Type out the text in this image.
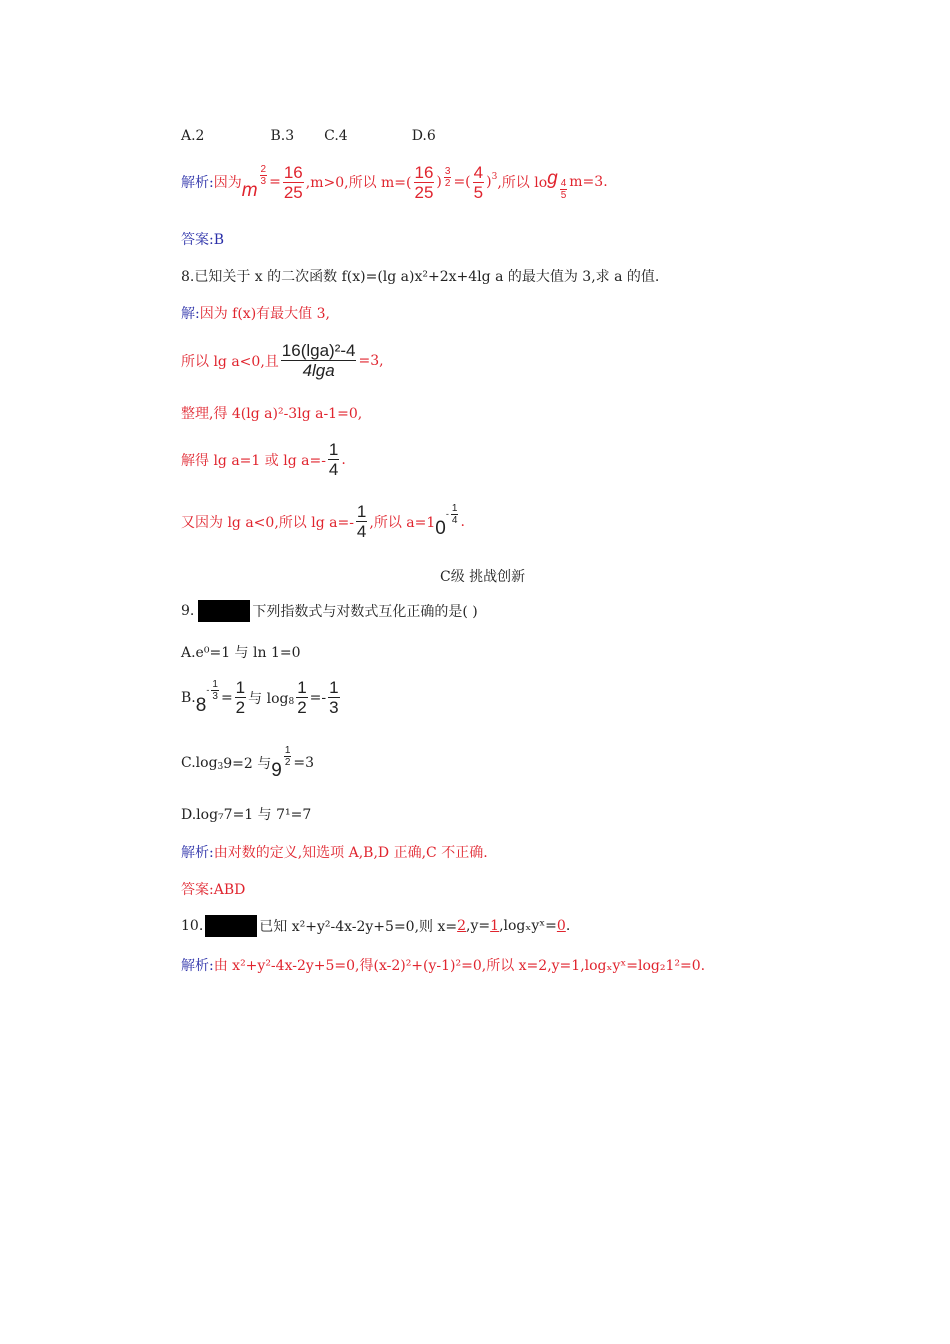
A.2	B.3 C.4	D.6
解析: 因为 m
$\frac{2}{3} = \frac{16}{25} ,m>0$,所以 $m=( \frac{16}{25}$ ) $\frac{3}{2}$ =( $\frac{4}{5} )^3$ ,所以 lo g $\frac{4}{5} m=3$.
答案:B
8.已知关于 x 的二次函数 f(x)=(lg a)x²+2x+4lg a 的最大值为 3,求 a 的值.
解: 因为 f(x)有最大值 3,
所以 lg a<0,且 $\frac{\text{16(lga)²-4}}{4\lg a} =3$,
整理,得 4(lg a)²-3lg a-1=0,
解得 lg a=1 或 $\lg a=- \frac{1}{4}$ .
又因为 lg a<0,所以 $\lg a=- \frac{1}{4}$ ,所以 a=1 0
- $\frac{1}{4}$ .
C级 挑战创新
9.	下列指数式与对数式互化正确的是( )
A.e⁰=1 与 ln 1=0
B. 8
- $\frac{1}{3} = \frac{1}{2}$ 与 $\log_8 \frac{1}{2} =- \frac{1}{3}$
$C.\log_3$ 9=2 与 9
$\frac{1}{2} =3$
D.log₇7=1 与 7¹=7
解析: 由对数的定义,知选项 A,B,D 正确,C 不正确.
答案:ABD
10.	已知 x²+y²-4x-2y+5=0,则 x= 2 ,y= 1 ,logₓyˣ= 0 .
解析: 由 x²+y²-4x-2y+5=0,得(x-2)²+(y-1)²=0,所以 x=2,y=1,logₓyˣ=log₂1²=0.
